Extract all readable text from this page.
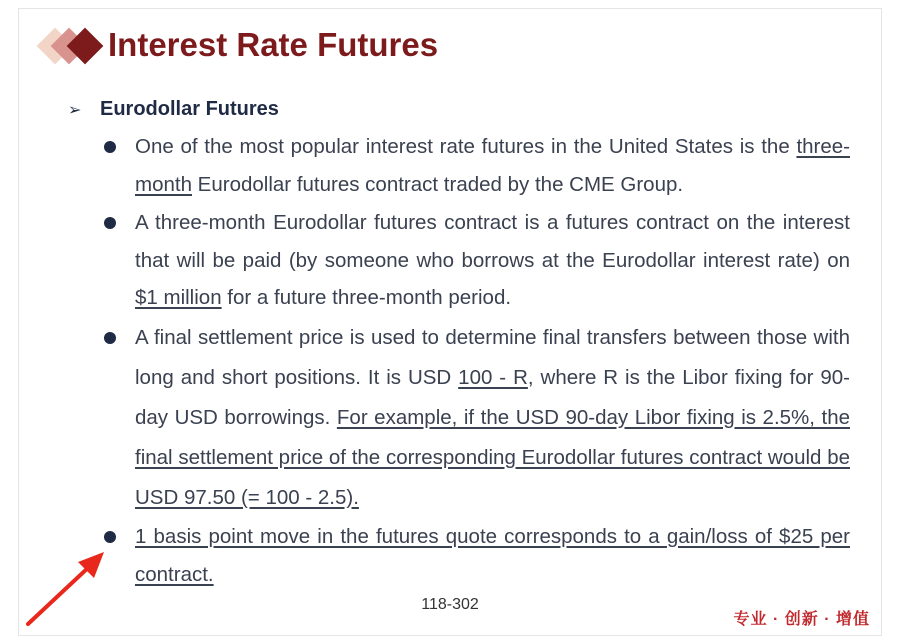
Interest Rate Futures
➢ Eurodollar Futures
One of the most popular interest rate futures in the United States is the three-month Eurodollar futures contract traded by the CME Group.
A three-month Eurodollar futures contract is a futures contract on the interest that will be paid (by someone who borrows at the Eurodollar interest rate) on $1 million for a future three-month period.
A final settlement price is used to determine final transfers between those with long and short positions. It is USD 100 - R, where R is the Libor fixing for 90-day USD borrowings. For example, if the USD 90-day Libor fixing is 2.5%, the final settlement price of the corresponding Eurodollar futures contract would be USD 97.50 (= 100 - 2.5).
1 basis point move in the futures quote corresponds to a gain/loss of $25 per contract.
118-302
专业 · 创新 · 增值
